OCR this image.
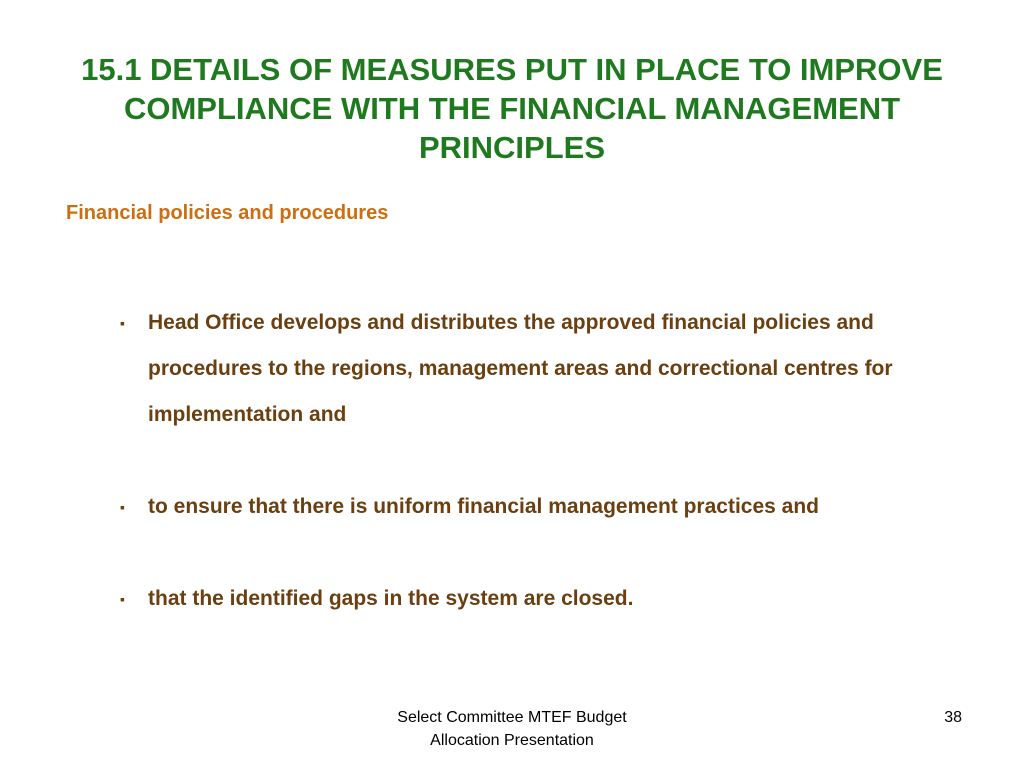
15.1 DETAILS OF MEASURES PUT IN PLACE TO IMPROVE COMPLIANCE WITH THE FINANCIAL MANAGEMENT PRINCIPLES
Financial policies and procedures
▪ Head Office develops and distributes the approved financial policies and procedures to the regions, management areas and correctional centres for implementation and
▪ to ensure that there is uniform financial management practices and
▪ that the identified gaps in the system are closed.
Select Committee MTEF Budget
Allocation Presentation
38
